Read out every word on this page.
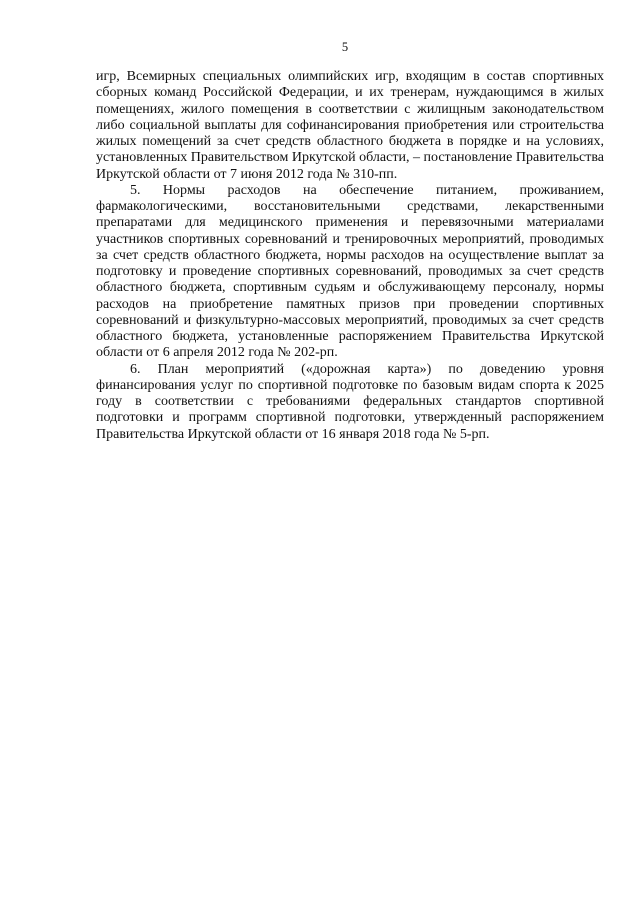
5

игр, Всемирных специальных олимпийских игр, входящим в состав спортивных сборных команд Российской Федерации, и их тренерам, нуждающимся в жилых помещениях, жилого помещения в соответствии с жилищным законодательством либо социальной выплаты для софинансирования приобретения или строительства жилых помещений за счет средств областного бюджета в порядке и на условиях, установленных Правительством Иркутской области, – постановление Правительства Иркутской области от 7 июня 2012 года № 310-пп.

5. Нормы расходов на обеспечение питанием, проживанием, фармакологическими, восстановительными средствами, лекарственными препаратами для медицинского применения и перевязочными материалами участников спортивных соревнований и тренировочных мероприятий, проводимых за счет средств областного бюджета, нормы расходов на осуществление выплат за подготовку и проведение спортивных соревнований, проводимых за счет средств областного бюджета, спортивным судьям и обслуживающему персоналу, нормы расходов на приобретение памятных призов при проведении спортивных соревнований и физкультурно-массовых мероприятий, проводимых за счет средств областного бюджета, установленные распоряжением Правительства Иркутской области от 6 апреля 2012 года № 202-рп.

6. План мероприятий («дорожная карта») по доведению уровня финансирования услуг по спортивной подготовке по базовым видам спорта к 2025 году в соответствии с требованиями федеральных стандартов спортивной подготовки и программ спортивной подготовки, утвержденный распоряжением Правительства Иркутской области от 16 января 2018 года № 5-рп.
